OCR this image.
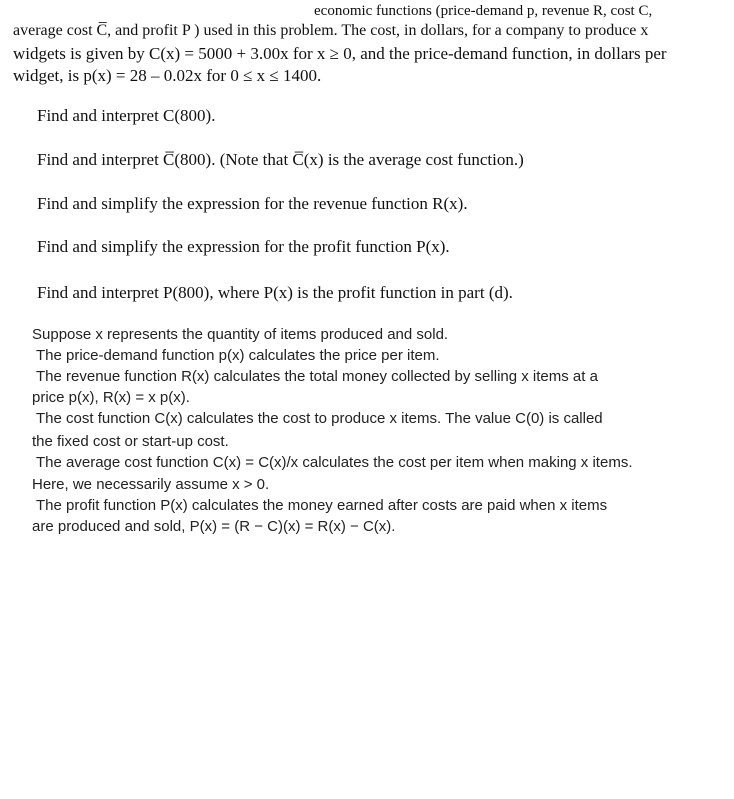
economic functions (price-demand p, revenue R, cost C,
average cost C̅, and profit P ) used in this problem. The cost, in dollars, for a company to produce x
widgets is given by C(x) = 5000 + 3.00x for x ≥ 0, and the price-demand function, in dollars per
widget, is p(x) = 28 – 0.02x for 0 ≤ x ≤ 1400.
Find and interpret C(800).
Find and interpret C̅(800). (Note that C̅(x) is the average cost function.)
Find and simplify the expression for the revenue function R(x).
Find and simplify the expression for the profit function P(x).
Find and interpret P(800), where P(x) is the profit function in part (d).
Suppose x represents the quantity of items produced and sold.
The price-demand function p(x) calculates the price per item.
The revenue function R(x) calculates the total money collected by selling x items at a
price p(x), R(x) = x p(x).
The cost function C(x) calculates the cost to produce x items. The value C(0) is called
the fixed cost or start-up cost.
The average cost function C(x) = C(x)/x calculates the cost per item when making x items.
Here, we necessarily assume x > 0.
The profit function P(x) calculates the money earned after costs are paid when x items
are produced and sold, P(x) = (R − C)(x) = R(x) − C(x).
